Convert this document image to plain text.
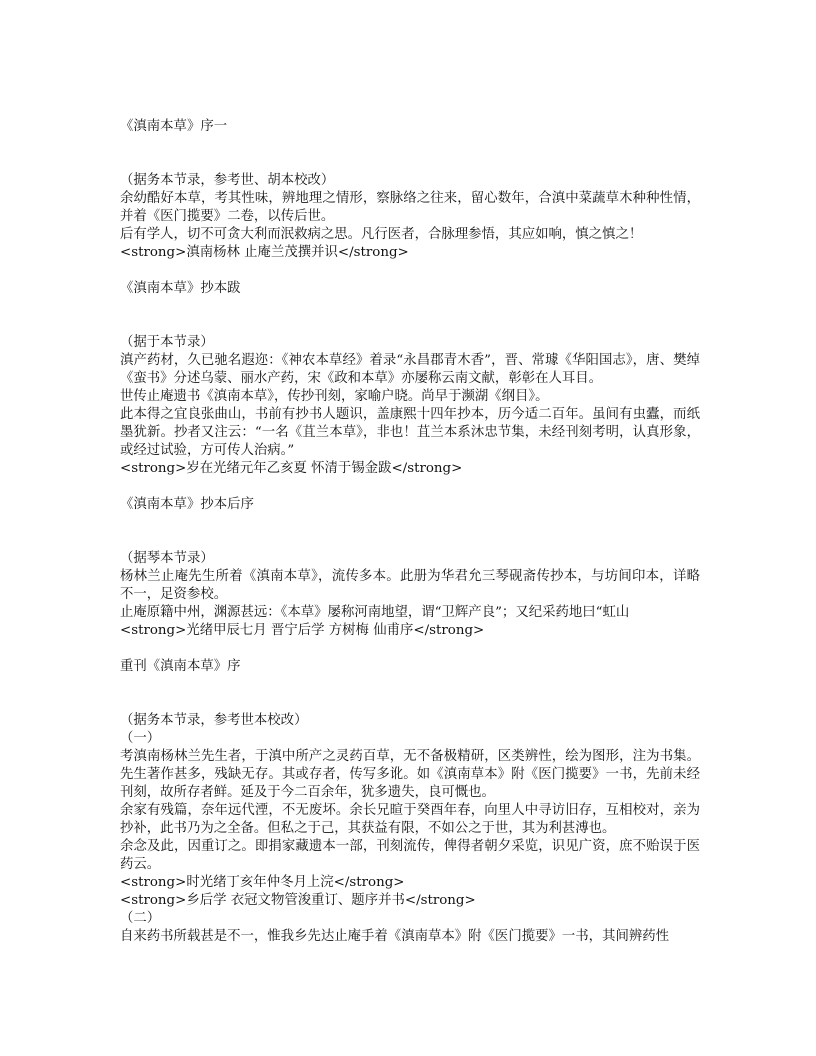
《滇南本草》序一
（据务本节录，参考世、胡本校改）
余幼酷好本草，考其性味，辨地理之情形，察脉络之往来，留心数年，合滇中菜蔬草木种种性情，并着《医门揽要》二卷，以传后世。
后有学人，切不可贪大利而泯救病之思。凡行医者，合脉理参悟，其应如响，慎之慎之！
<strong>滇南杨林 止庵兰茂撰并识</strong>
《滇南本草》抄本跋
（据于本节录）
滇产药材，久已驰名遐迩：《神农本草经》着录“永昌郡青木香”，晋、常璩《华阳国志》，唐、樊绰《蛮书》分述乌蒙、丽水产药，宋《政和本草》亦屡称云南文献，彰彰在人耳目。
世传止庵遗书《滇南本草》，传抄刊刻，家喻户晓。尚早于濒湖《纲目》。
此本得之宜良张曲山，书前有抄书人题识，盖康熙十四年抄本，历今适二百年。虽间有虫蠹，而纸墨犹新。抄者又注云：“一名《苴兰本草》，非也！苴兰本系沐忠节集，未经刊刻考明，认真形象，或经过试验，方可传人治病。”
<strong>岁在光绪元年乙亥夏 怀清于锡金跋</strong>
《滇南本草》抄本后序
（据琴本节录）
杨林兰止庵先生所着《滇南本草》，流传多本。此册为华君允三琴砚斋传抄本，与坊间印本，详略不一，足资参校。
止庵原籍中州，渊源甚远：《本草》屡称河南地望，谓“卫辉产良”；又纪采药地曰“虹山
<strong>光绪甲辰七月 晋宁后学 方树梅 仙甫序</strong>
重刊《滇南本草》序
（据务本节录，参考世本校改）
（一）
考滇南杨林兰先生者，于滇中所产之灵药百草，无不备极精研，区类辨性，绘为图形，注为书集。先生著作甚多，残缺无存。其或存者，传写多讹。如《滇南草本》附《医门揽要》一书，先前未经刊刻，故所存者鲜。延及于今二百余年，犹多遗失，良可慨也。
余家有残篇，奈年远代湮，不无废坏。余长兄暄于癸酉年春，向里人中寻访旧存，互相校对，亲为抄补，此书乃为之全备。但私之于己，其获益有限，不如公之于世，其为利甚溥也。
余念及此，因重订之。即捐家藏遗本一部，刊刻流传，俾得者朝夕采览，识见广资，庶不贻误于医药云。
<strong>时光绪丁亥年仲冬月上浣</strong>
<strong>乡后学 衣冠文物管浚重订、题序并书</strong>
（二）
自来药书所载甚是不一，惟我乡先达止庵手着《滇南草本》附《医门揽要》一书，其间辨药性
